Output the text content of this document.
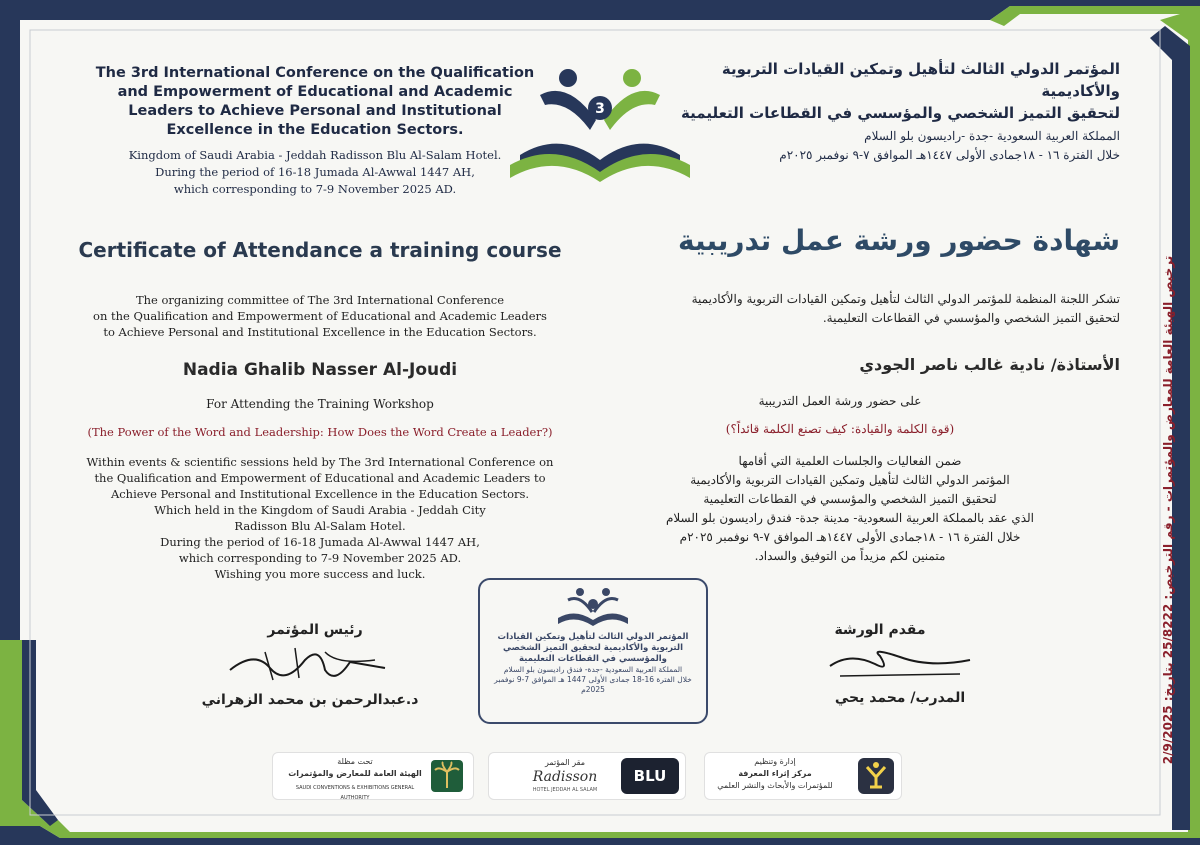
The 3rd International Conference on the Qualification
and Empowerment of Educational and Academic
Leaders to Achieve Personal and Institutional
Excellence in the Education Sectors.
Kingdom of Saudi Arabia - Jeddah Radisson Blu Al-Salam Hotel.
During the period of 16-18 Jumada Al-Awwal 1447 AH,
which corresponding to 7-9 November 2025 AD.
المؤتمر الدولي الثالث لتأهيل وتمكين القيادات التربوية والأكاديمية
لتحقيق التميز الشخصي والمؤسسي في القطاعات التعليمية
المملكة العربية السعودية -جدة -راديسون بلو السلام
خلال الفترة ١٦ - ١٨جمادى الأولى ١٤٤٧هـ الموافق ٧-٩ نوفمبر ٢٠٢٥م
3
Certificate of Attendance a training course	شهادة حضور ورشة عمل تدريبية
The organizing committee of The 3rd International Conference
on the Qualification and Empowerment of Educational and Academic Leaders
to Achieve Personal and Institutional Excellence in the Education Sectors.
Nadia Ghalib Nasser Al-Joudi
For Attending the Training Workshop
(The Power of the Word and Leadership: How Does the Word Create a Leader?)
Within events & scientific sessions held by The 3rd International Conference on
the Qualification and Empowerment of Educational and Academic Leaders to
Achieve Personal and Institutional Excellence in the Education Sectors.
Which held in the Kingdom of Saudi Arabia - Jeddah City
Radisson Blu Al-Salam Hotel.
During the period of 16-18 Jumada Al-Awwal 1447 AH,
which corresponding to 7-9 November 2025 AD.
Wishing you more success and luck.
تشكر اللجنة المنظمة للمؤتمر الدولي الثالث لتأهيل وتمكين القيادات التربوية والأكاديمية
لتحقيق التميز الشخصي والمؤسسي في القطاعات التعليمية.
الأستاذة/ نادية غالب ناصر الجودي
على حضور ورشة العمل التدريبية
(قوة الكلمة والقيادة: كيف تصنع الكلمة قائداً؟)
ضمن الفعاليات والجلسات العلمية التي أقامها
المؤتمر الدولي الثالث لتأهيل وتمكين القيادات التربوية والأكاديمية
لتحقيق التميز الشخصي والمؤسسي في القطاعات التعليمية
الذي عقد بالمملكة العربية السعودية- مدينة جدة- فندق راديسون بلو السلام
خلال الفترة ١٦ - ١٨جمادى الأولى ١٤٤٧هـ الموافق ٧-٩ نوفمبر ٢٠٢٥م
متمنين لكم مزيداً من التوفيق والسداد.
رئيس المؤتمر
د.عبدالرحمن بن محمد الزهراني
مقدم الورشة
المدرب/ محمد يحي
المؤتمر الدولي الثالث لتأهيل وتمكين القيادات
التربوية والأكاديمية لتحقيق التميز الشخصي
والمؤسسي في القطاعات التعليمية
المملكة العربية السعودية -جدة- فندق راديسون بلو السلام
خلال الفترة 16-18 جمادى الأولى 1447 هـ الموافق 7-9 نوفمبر
2025م
تحت مظلة
الهيئة العامة للمعارض والمؤتمرات
SAUDI CONVENTIONS & EXHIBITIONS GENERAL AUTHORITY
مقر المؤتمر
Radisson
HOTEL JEDDAH AL SALAM
BLU
إدارة وتنظيم
مركز إثراء المعرفة
للمؤتمرات والأبحاث والنشر العلمي
ترخيص الهيئة العامة للمعارض والمؤتمرات - رقم الترخيص: 25/8222 بتاريخ: 2/9/2025
